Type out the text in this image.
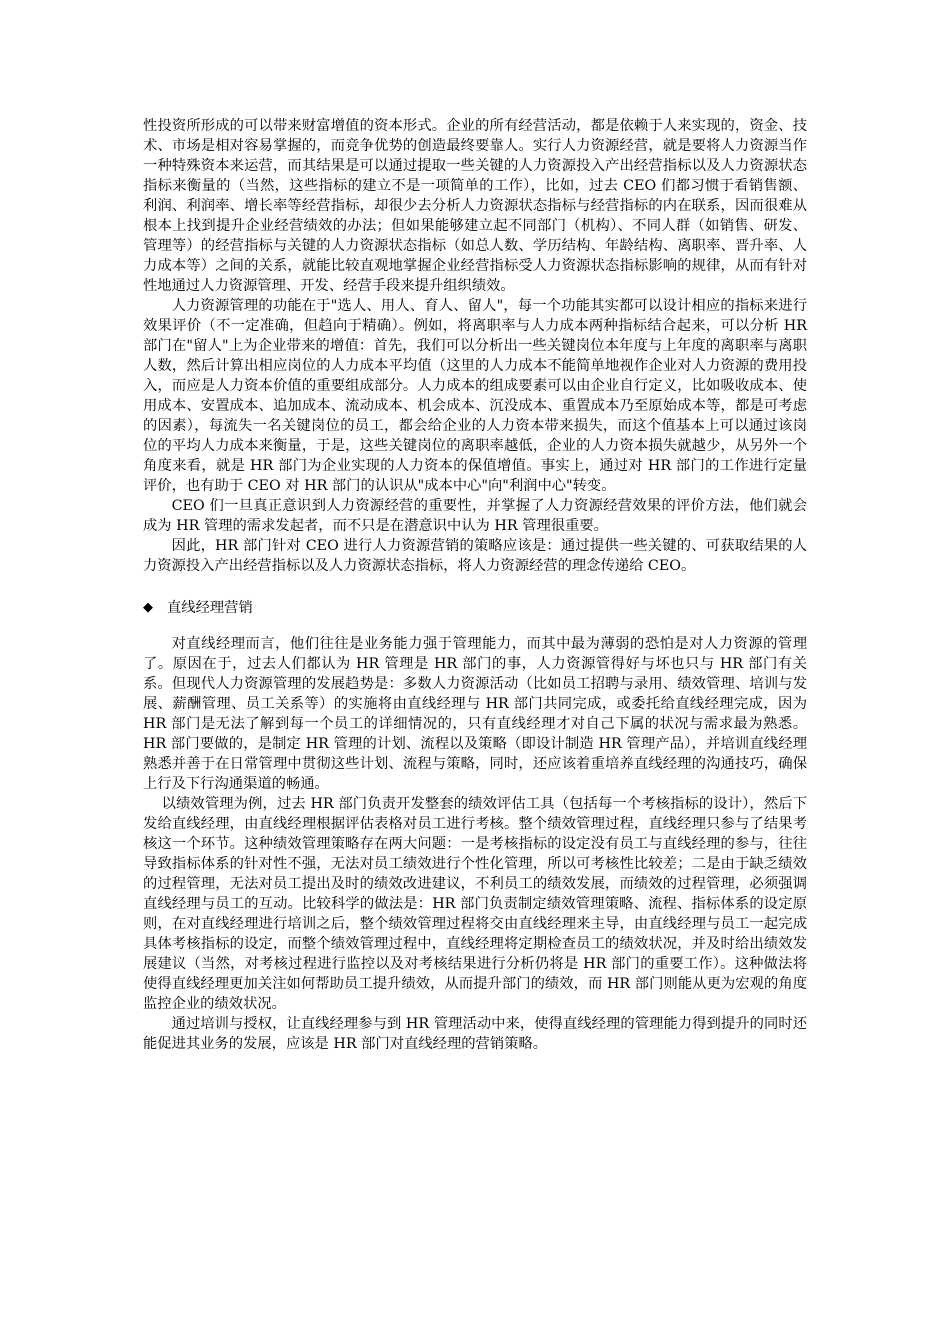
性投资所形成的可以带来财富增值的资本形式。企业的所有经营活动，都是依赖于人来实现的，资金、技术、市场是相对容易掌握的，而竞争优势的创造最终要靠人。实行人力资源经营，就是要将人力资源当作一种特殊资本来运营，而其结果是可以通过提取一些关键的人力资源投入产出经营指标以及人力资源状态指标来衡量的（当然，这些指标的建立不是一项简单的工作），比如，过去 CEO 们都习惯于看销售额、利润、利润率、增长率等经营指标，却很少去分析人力资源状态指标与经营指标的内在联系，因而很难从根本上找到提升企业经营绩效的办法；但如果能够建立起不同部门（机构）、不同人群（如销售、研发、管理等）的经营指标与关键的人力资源状态指标（如总人数、学历结构、年龄结构、离职率、晋升率、人力成本等）之间的关系，就能比较直观地掌握企业经营指标受人力资源状态指标影响的规律，从而有针对性地通过人力资源管理、开发、经营手段来提升组织绩效。

人力资源管理的功能在于"选人、用人、育人、留人"，每一个功能其实都可以设计相应的指标来进行效果评价（不一定准确，但趋向于精确）。例如，将离职率与人力成本两种指标结合起来，可以分析 HR 部门在"留人"上为企业带来的增值：首先，我们可以分析出一些关键岗位本年度与上年度的离职率与离职人数，然后计算出相应岗位的人力成本平均值（这里的人力成本不能简单地视作企业对人力资源的费用投入，而应是人力资本价值的重要组成部分。人力成本的组成要素可以由企业自行定义，比如吸收成本、使用成本、安置成本、追加成本、流动成本、机会成本、沉没成本、重置成本乃至原始成本等，都是可考虑的因素），每流失一名关键岗位的员工，都会给企业的人力资本带来损失，而这个值基本上可以通过该岗位的平均人力成本来衡量，于是，这些关键岗位的离职率越低，企业的人力资本损失就越少，从另外一个角度来看，就是 HR 部门为企业实现的人力资本的保值增值。事实上，通过对 HR 部门的工作进行定量评价，也有助于 CEO 对 HR 部门的认识从"成本中心"向"利润中心"转变。

CEO 们一旦真正意识到人力资源经营的重要性，并掌握了人力资源经营效果的评价方法，他们就会成为 HR 管理的需求发起者，而不只是在潜意识中认为 HR 管理很重要。

因此，HR 部门针对 CEO 进行人力资源营销的策略应该是：通过提供一些关键的、可获取结果的人力资源投入产出经营指标以及人力资源状态指标，将人力资源经营的理念传递给 CEO。

◆ 直线经理营销

对直线经理而言，他们往往是业务能力强于管理能力，而其中最为薄弱的恐怕是对人力资源的管理了。原因在于，过去人们都认为 HR 管理是 HR 部门的事，人力资源管得好与坏也只与 HR 部门有关系。但现代人力资源管理的发展趋势是：多数人力资源活动（比如员工招聘与录用、绩效管理、培训与发展、薪酬管理、员工关系等）的实施将由直线经理与 HR 部门共同完成，或委托给直线经理完成，因为 HR 部门是无法了解到每一个员工的详细情况的，只有直线经理才对自己下属的状况与需求最为熟悉。HR 部门要做的，是制定 HR 管理的计划、流程以及策略（即设计制造 HR 管理产品），并培训直线经理熟悉并善于在日常管理中贯彻这些计划、流程与策略，同时，还应该着重培养直线经理的沟通技巧，确保上行及下行沟通渠道的畅通。

以绩效管理为例，过去 HR 部门负责开发整套的绩效评估工具（包括每一个考核指标的设计），然后下发给直线经理，由直线经理根据评估表格对员工进行考核。整个绩效管理过程，直线经理只参与了结果考核这一个环节。这种绩效管理策略存在两大问题：一是考核指标的设定没有员工与直线经理的参与，往往导致指标体系的针对性不强，无法对员工绩效进行个性化管理，所以可考核性比较差；二是由于缺乏绩效的过程管理，无法对员工提出及时的绩效改进建议，不利员工的绩效发展，而绩效的过程管理，必须强调直线经理与员工的互动。比较科学的做法是：HR 部门负责制定绩效管理策略、流程、指标体系的设定原则，在对直线经理进行培训之后，整个绩效管理过程将交由直线经理来主导，由直线经理与员工一起完成具体考核指标的设定，而整个绩效管理过程中，直线经理将定期检查员工的绩效状况，并及时给出绩效发展建议（当然，对考核过程进行监控以及对考核结果进行分析仍将是 HR 部门的重要工作）。这种做法将使得直线经理更加关注如何帮助员工提升绩效，从而提升部门的绩效，而 HR 部门则能从更为宏观的角度监控企业的绩效状况。

通过培训与授权，让直线经理参与到 HR 管理活动中来，使得直线经理的管理能力得到提升的同时还能促进其业务的发展，应该是 HR 部门对直线经理的营销策略。
